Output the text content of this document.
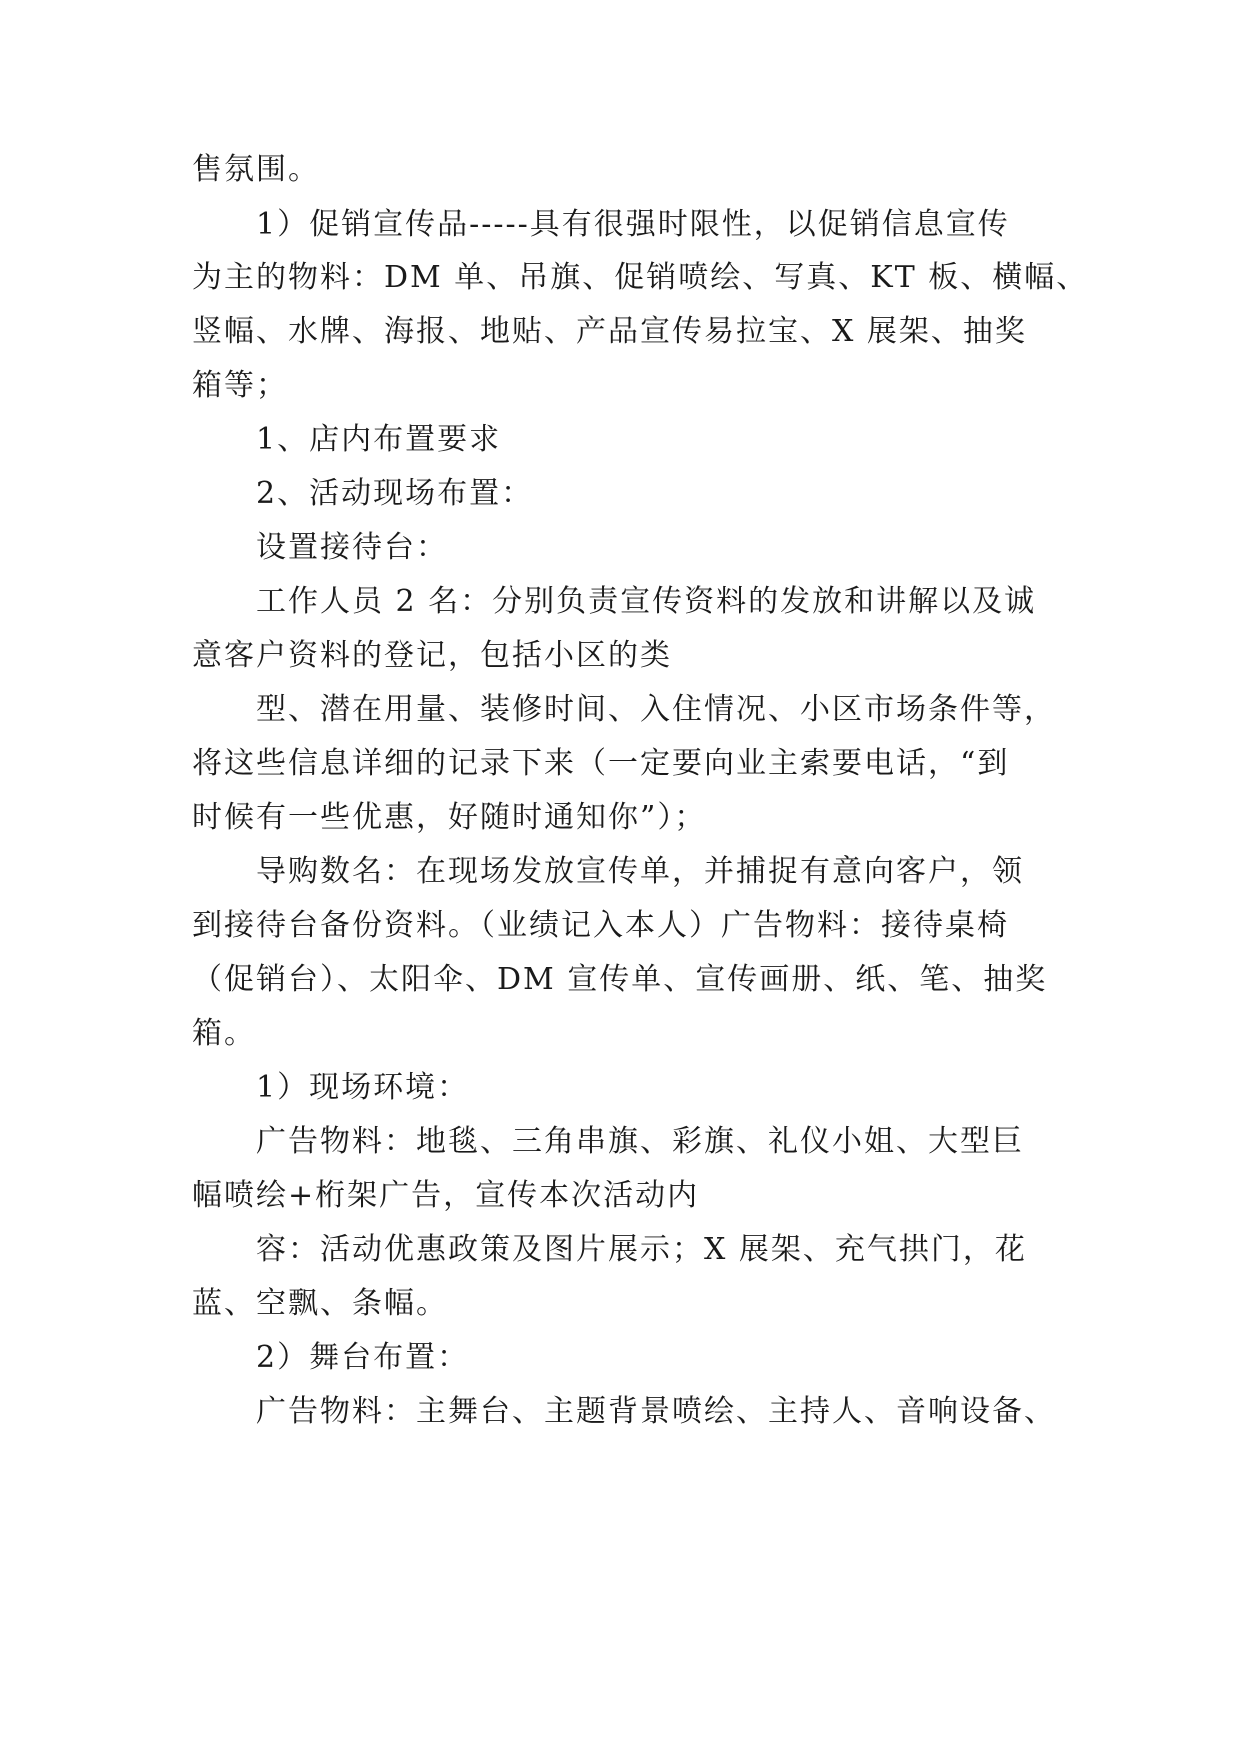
售氛围。
1）促销宣传品-----具有很强时限性，以促销信息宣传
为主的物料：DM 单、吊旗、促销喷绘、写真、KT 板、横幅、
竖幅、水牌、海报、地贴、产品宣传易拉宝、X 展架、抽奖
箱等；
1、店内布置要求
2、活动现场布置：
设置接待台：
工作人员 2 名：分别负责宣传资料的发放和讲解以及诚
意客户资料的登记，包括小区的类
型、潜在用量、装修时间、入住情况、小区市场条件等，
将这些信息详细的记录下来（一定要向业主索要电话，“到
时候有一些优惠，好随时通知你”）；
导购数名：在现场发放宣传单，并捕捉有意向客户，领
到接待台备份资料。（业绩记入本人）广告物料：接待桌椅
（促销台）、太阳伞、DM 宣传单、宣传画册、纸、笔、抽奖
箱。
1）现场环境：
广告物料：地毯、三角串旗、彩旗、礼仪小姐、大型巨
幅喷绘+桁架广告，宣传本次活动内
容：活动优惠政策及图片展示；X 展架、充气拱门，花
蓝、空飘、条幅。
2）舞台布置：
广告物料：主舞台、主题背景喷绘、主持人、音响设备、
